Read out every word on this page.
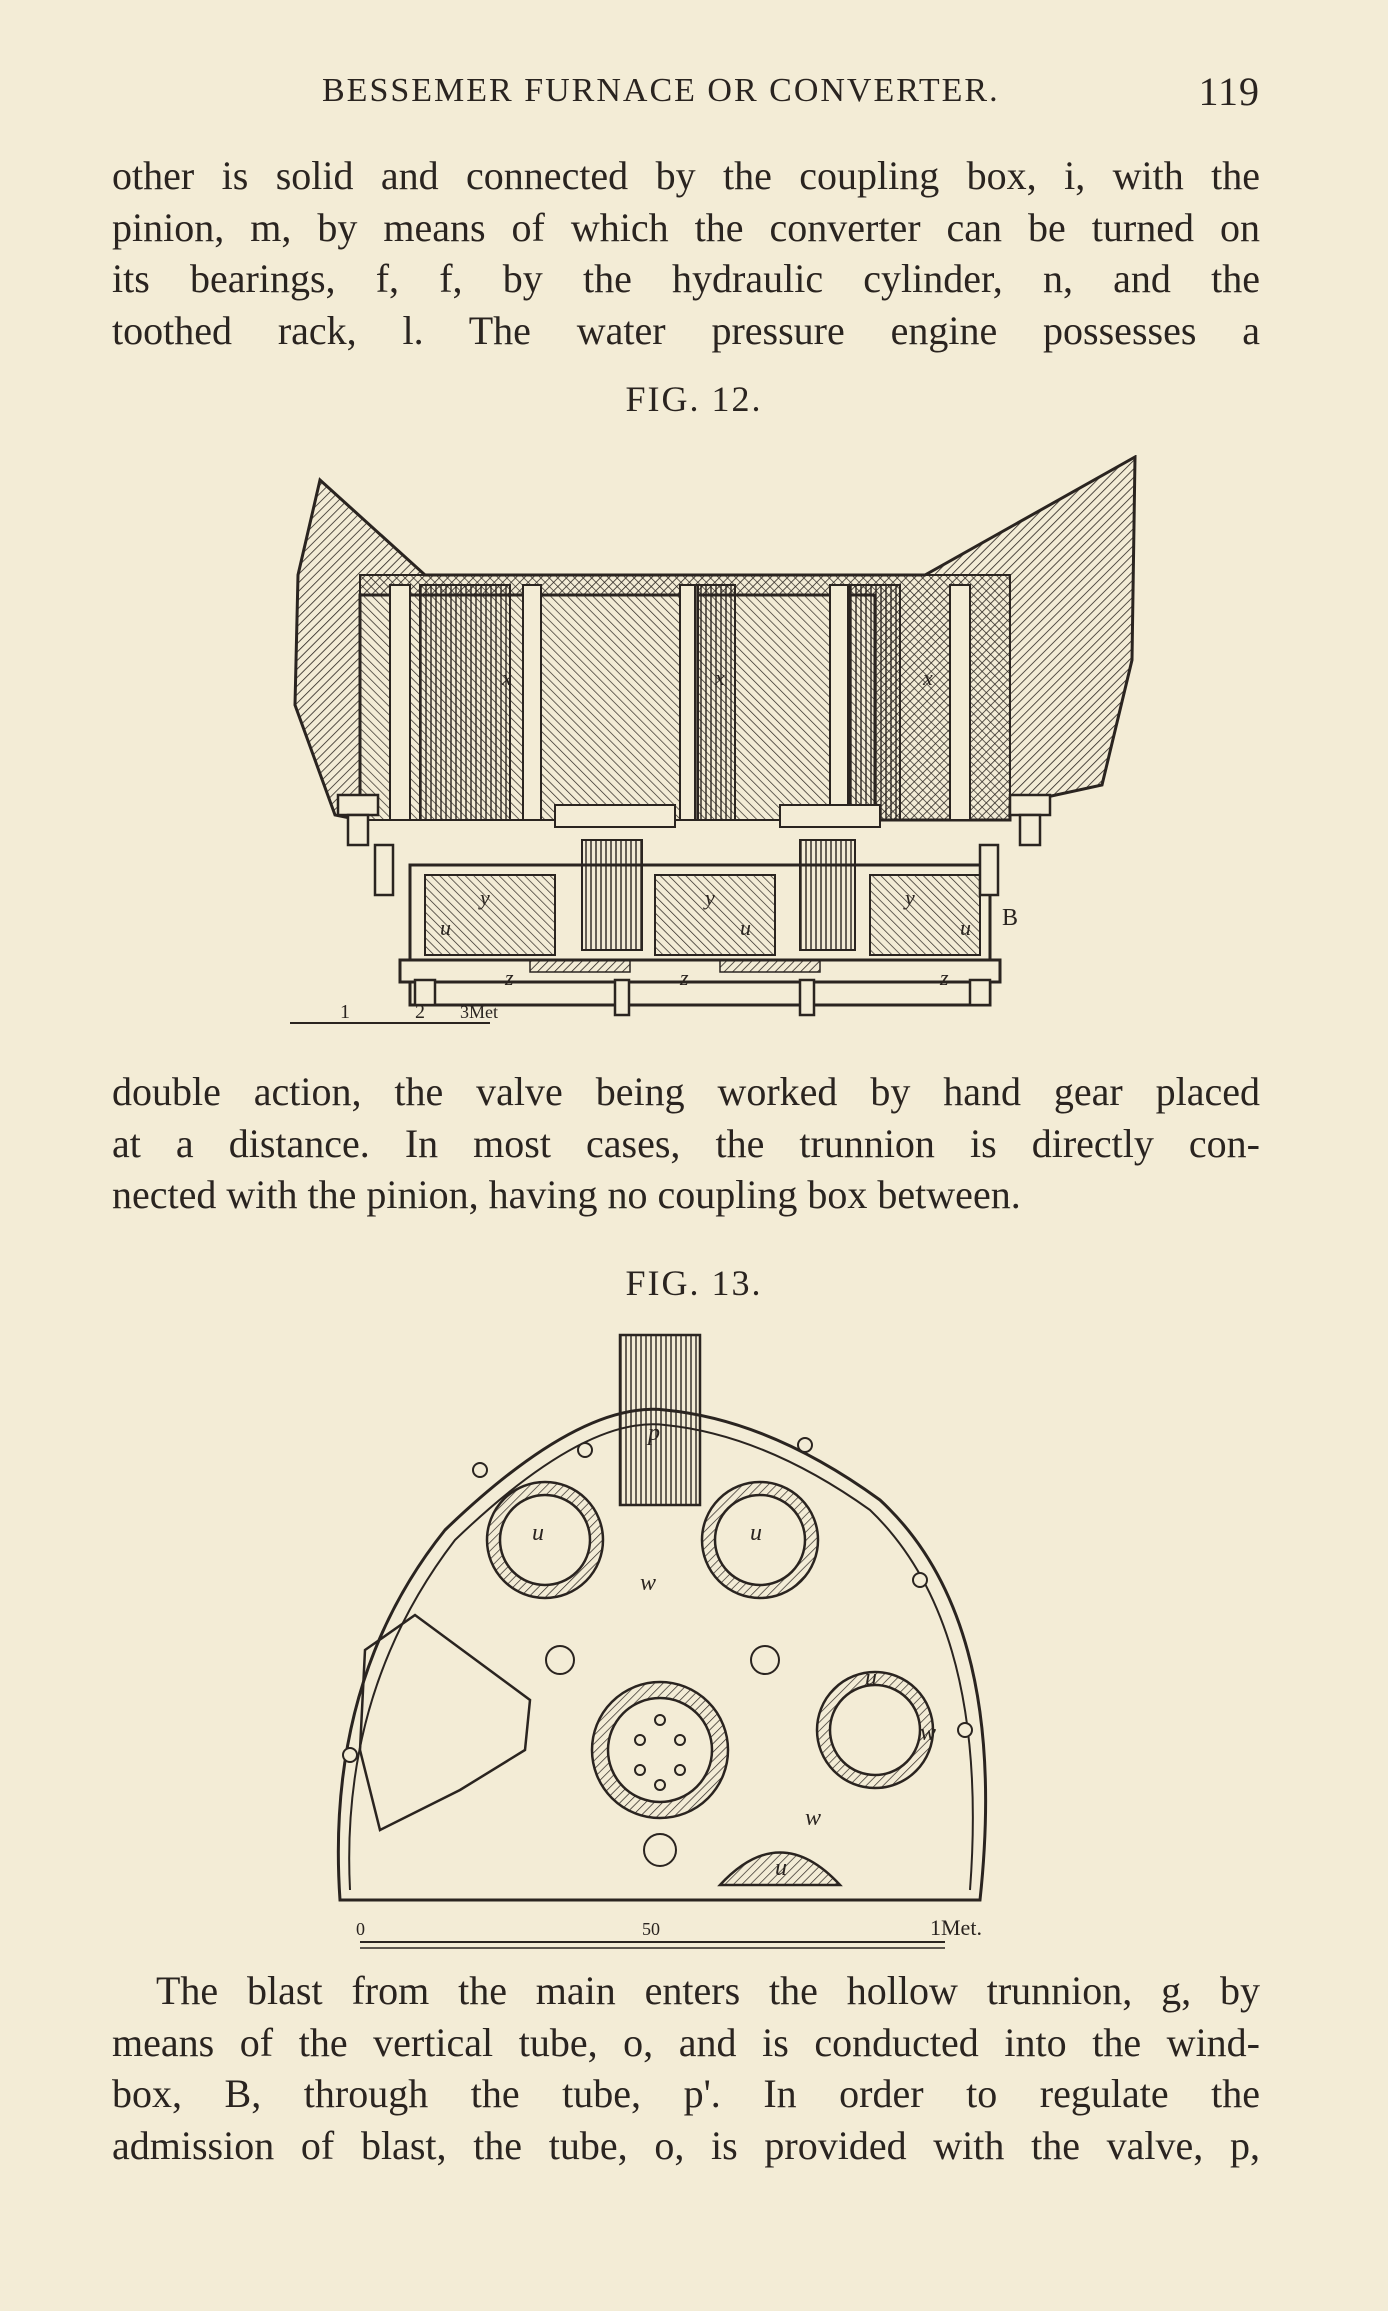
BESSEMER FURNACE OR CONVERTER.	119
other is solid and connected by the coupling box, i, with the
pinion, m, by means of which the converter can be turned on
its bearings, f, f, by the hydraulic cylinder, n, and the
toothed rack, l. The water pressure engine possesses a
FIG. 12.
x	x	x
y	y	y
u	u	u
z	z	z
B
1	2 3Met
double action, the valve being worked by hand gear placed
at a distance. In most cases, the trunnion is directly con-
nected with the pinion, having no coupling box between.
FIG. 13.
p
u	u
u
u
w
w
w
0	50	1Met.
The blast from the main enters the hollow trunnion, g, by
means of the vertical tube, o, and is conducted into the wind-
box, B, through the tube, p'. In order to regulate the
admission of blast, the tube, o, is provided with the valve, p,
